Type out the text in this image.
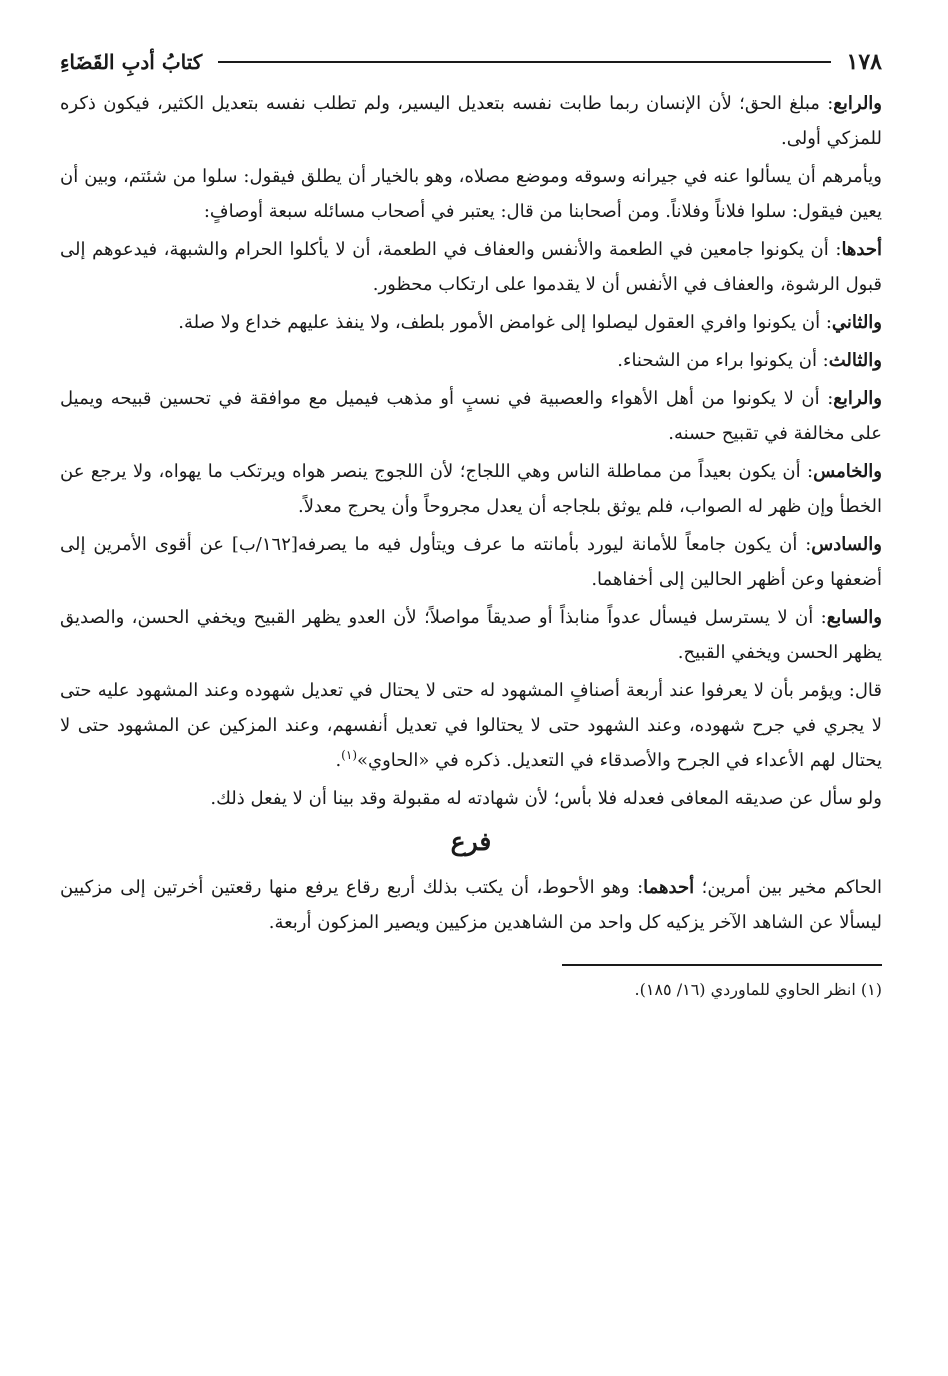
١٧٨
كتابُ أدبِ القَضَاءِ

والرابع: مبلغ الحق؛ لأن الإنسان ربما طابت نفسه بتعديل اليسير، ولم تطلب نفسه بتعديل الكثير، فيكون ذكره للمزكي أولى.

ويأمرهم أن يسألوا عنه في جيرانه وسوقه وموضع مصلاه، وهو بالخيار أن يطلق فيقول: سلوا من شئتم، وبين أن يعين فيقول: سلوا فلاناً وفلاناً. ومن أصحابنا من قال: يعتبر في أصحاب مسائله سبعة أوصافٍ:

أحدها: أن يكونوا جامعين في الطعمة والأنفس والعفاف في الطعمة، أن لا يأكلوا الحرام والشبهة، فيدعوهم إلى قبول الرشوة، والعفاف في الأنفس أن لا يقدموا على ارتكاب محظور.

والثاني: أن يكونوا وافري العقول ليصلوا إلى غوامض الأمور بلطف، ولا ينفذ عليهم خداع ولا صلة.

والثالث: أن يكونوا براء من الشحناء.

والرابع: أن لا يكونوا من أهل الأهواء والعصبية في نسبٍ أو مذهب فيميل مع موافقة في تحسين قبيحه ويميل على مخالفة في تقبيح حسنه.

والخامس: أن يكون بعيداً من مماطلة الناس وهي اللجاج؛ لأن اللجوج ينصر هواه ويرتكب ما يهواه، ولا يرجع عن الخطأ وإن ظهر له الصواب، فلم يوثق بلجاجه أن يعدل مجروحاً وأن يحرج معدلاً.

والسادس: أن يكون جامعاً للأمانة ليورد بأمانته ما عرف ويتأول فيه ما يصرفه[١٦٢/ب] عن أقوى الأمرين إلى أضعفها وعن أظهر الحالين إلى أخفاهما.

والسابع: أن لا يسترسل فيسأل عدواً منابذاً أو صديقاً مواصلاً؛ لأن العدو يظهر القبيح ويخفي الحسن، والصديق يظهر الحسن ويخفي القبيح.

قال: ويؤمر بأن لا يعرفوا عند أربعة أصنافٍ المشهود له حتى لا يحتال في تعديل شهوده وعند المشهود عليه حتى لا يجري في جرح شهوده، وعند الشهود حتى لا يحتالوا في تعديل أنفسهم، وعند المزكين عن المشهود حتى لا يحتال لهم الأعداء في الجرح والأصدقاء في التعديل. ذكره في «الحاوي»$^{(١)}$.

ولو سأل عن صديقه المعافى فعدله فلا بأس؛ لأن شهادته له مقبولة وقد بينا أن لا يفعل ذلك.

فرع

الحاكم مخير بين أمرين؛ أحدهما: وهو الأحوط، أن يكتب بذلك أربع رقاع يرفع منها رقعتين أخرتين إلى مزكيين ليسألا عن الشاهد الآخر يزكيه كل واحد من الشاهدين مزكيين ويصير المزكون أربعة.

(١) انظر الحاوي للماوردي (١٦/ ١٨٥).
